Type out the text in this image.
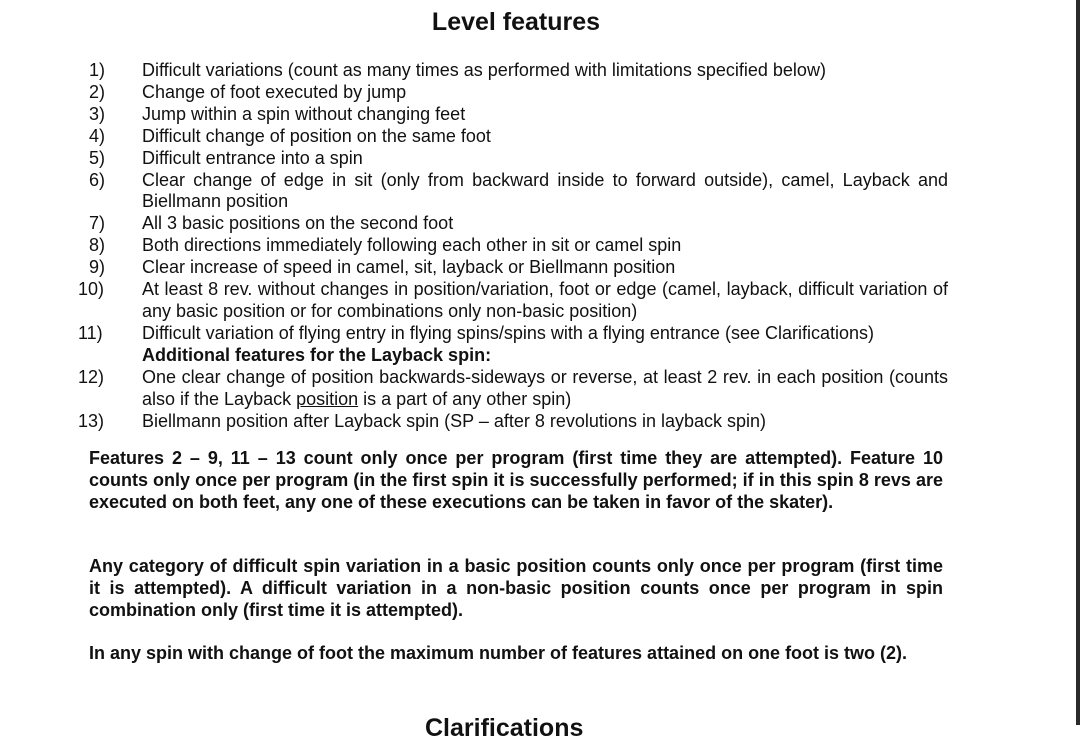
Level features
1)	Difficult variations (count as many times as performed with limitations specified below)
2)	Change of foot executed by jump
3)	Jump within a spin without changing feet
4)	Difficult change of position on the same foot
5)	Difficult entrance into a spin
6)	Clear change of edge in sit (only from backward inside to forward outside), camel, Layback and Biellmann position
7)	All 3 basic positions on the second foot
8)	Both directions immediately following each other in sit or camel spin
9)	Clear increase of speed in camel, sit, layback or Biellmann position
10)	At least 8 rev. without changes in position/variation, foot or edge (camel, layback, difficult variation of any basic position or for combinations only non-basic position)
11)	Difficult variation of flying entry in flying spins/spins with a flying entrance (see Clarifications)
Additional features for the Layback spin:
12)	One clear change of position backwards-sideways or reverse, at least 2 rev. in each position (counts also if the Layback position is a part of any other spin)
13)	Biellmann position after Layback spin (SP – after 8 revolutions in layback spin)
Features 2 – 9, 11 – 13 count only once per program (first time they are attempted). Feature 10 counts only once per program (in the first spin it is successfully performed; if in this spin 8 revs are executed on both feet, any one of these executions can be taken in favor of the skater).
Any category of difficult spin variation in a basic position counts only once per program (first time it is attempted). A difficult variation in a non-basic position counts once per program in spin combination only (first time it is attempted).
In any spin with change of foot the maximum number of features attained on one foot is two (2).
Clarifications
